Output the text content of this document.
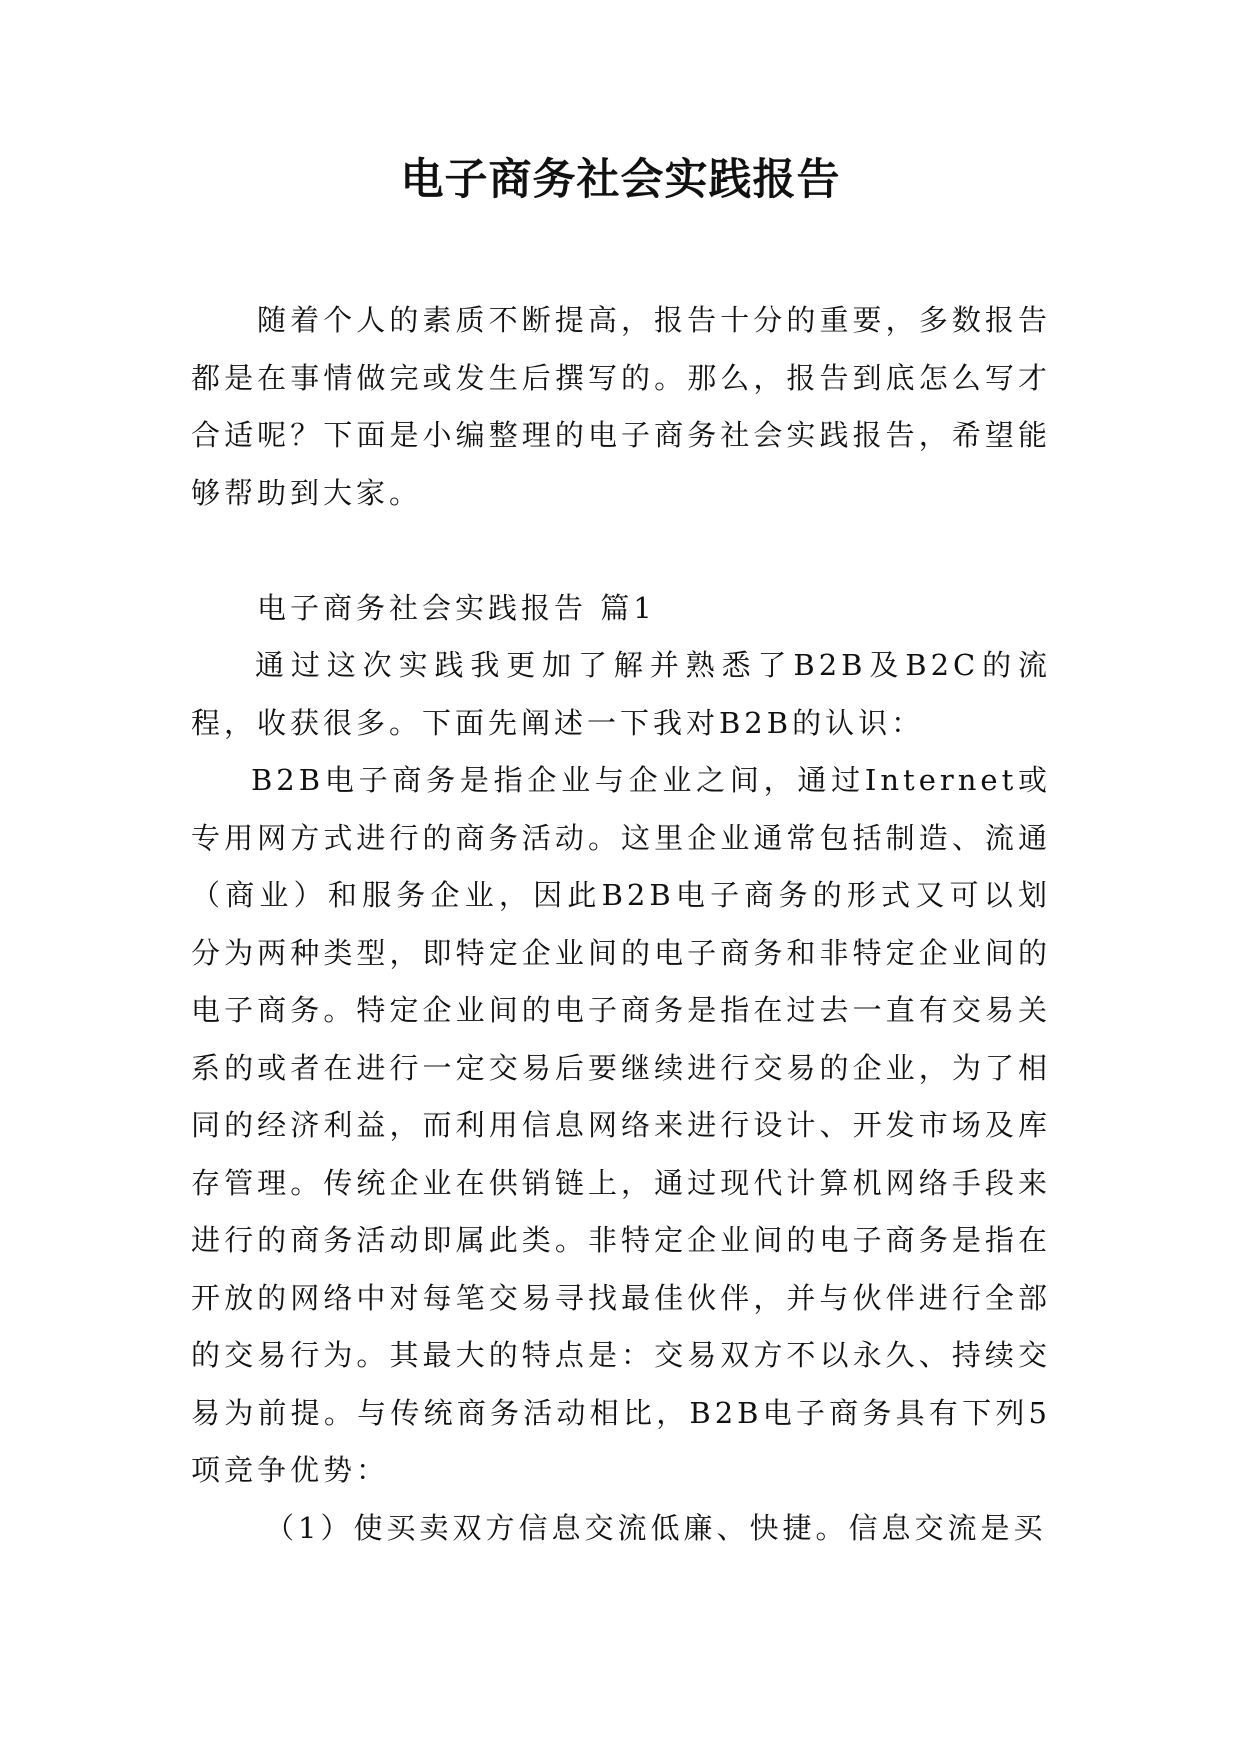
电子商务社会实践报告

随着个人的素质不断提高，报告十分的重要，多数报告都是在事情做完或发生后撰写的。那么，报告到底怎么写才合适呢？下面是小编整理的电子商务社会实践报告，希望能够帮助到大家。

电子商务社会实践报告 篇1

通过这次实践我更加了解并熟悉了B2B及B2C的流程，收获很多。下面先阐述一下我对B2B的认识：

B2B电子商务是指企业与企业之间，通过Internet或专用网方式进行的商务活动。这里企业通常包括制造、流通（商业）和服务企业，因此B2B电子商务的形式又可以划分为两种类型，即特定企业间的电子商务和非特定企业间的电子商务。特定企业间的电子商务是指在过去一直有交易关系的或者在进行一定交易后要继续进行交易的企业，为了相同的经济利益，而利用信息网络来进行设计、开发市场及库存管理。传统企业在供销链上，通过现代计算机网络手段来进行的商务活动即属此类。非特定企业间的电子商务是指在开放的网络中对每笔交易寻找最佳伙伴，并与伙伴进行全部的交易行为。其最大的特点是：交易双方不以永久、持续交易为前提。与传统商务活动相比，B2B电子商务具有下列5项竞争优势：

（1）使买卖双方信息交流低廉、快捷。信息交流是买
